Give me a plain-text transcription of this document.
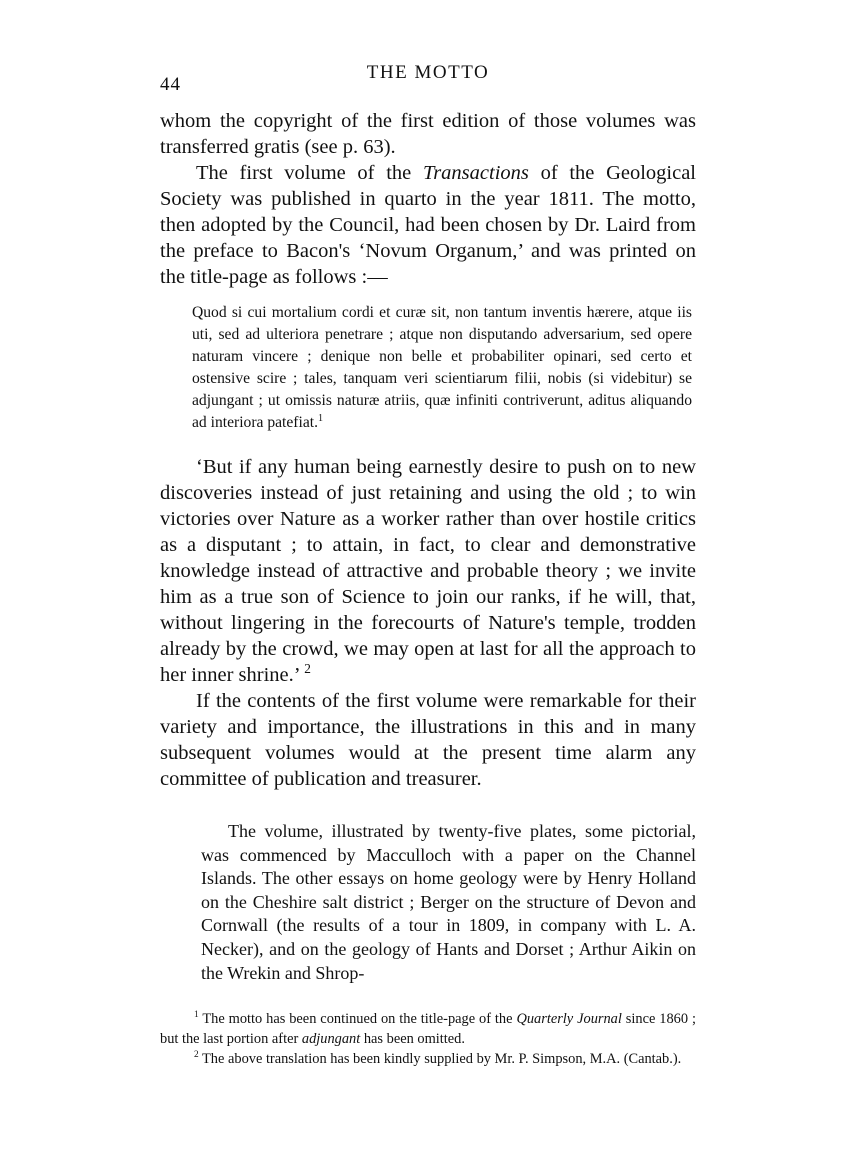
44
THE MOTTO

whom the copyright of the first edition of those volumes was transferred gratis (see p. 63).

The first volume of the Transactions of the Geological Society was published in quarto in the year 1811. The motto, then adopted by the Council, had been chosen by Dr. Laird from the preface to Bacon's ‘Novum Organum,’ and was printed on the title-page as follows :—

Quod si cui mortalium cordi et curæ sit, non tantum inventis hærere, atque iis uti, sed ad ulteriora penetrare ; atque non disputando adversarium, sed opere naturam vincere ; denique non belle et probabiliter opinari, sed certo et ostensive scire ; tales, tanquam veri scientiarum filii, nobis (si videbitur) se adjungant ; ut omissis naturæ atriis, quæ infiniti contriverunt, aditus aliquando ad interiora patefiat.$^1$

‘But if any human being earnestly desire to push on to new discoveries instead of just retaining and using the old ; to win victories over Nature as a worker rather than over hostile critics as a disputant ; to attain, in fact, to clear and demonstrative knowledge instead of attractive and probable theory ; we invite him as a true son of Science to join our ranks, if he will, that, without lingering in the forecourts of Nature's temple, trodden already by the crowd, we may open at last for all the approach to her inner shrine.’ $^2$

If the contents of the first volume were remarkable for their variety and importance, the illustrations in this and in many subsequent volumes would at the present time alarm any committee of publication and treasurer.

The volume, illustrated by twenty-five plates, some pictorial, was commenced by Macculloch with a paper on the Channel Islands. The other essays on home geology were by Henry Holland on the Cheshire salt district ; Berger on the structure of Devon and Cornwall (the results of a tour in 1809, in company with L. A. Necker), and on the geology of Hants and Dorset ; Arthur Aikin on the Wrekin and Shrop-

$^1$ The motto has been continued on the title-page of the Quarterly Journal since 1860 ; but the last portion after adjungant has been omitted.

$^2$ The above translation has been kindly supplied by Mr. P. Simpson, M.A. (Cantab.).
